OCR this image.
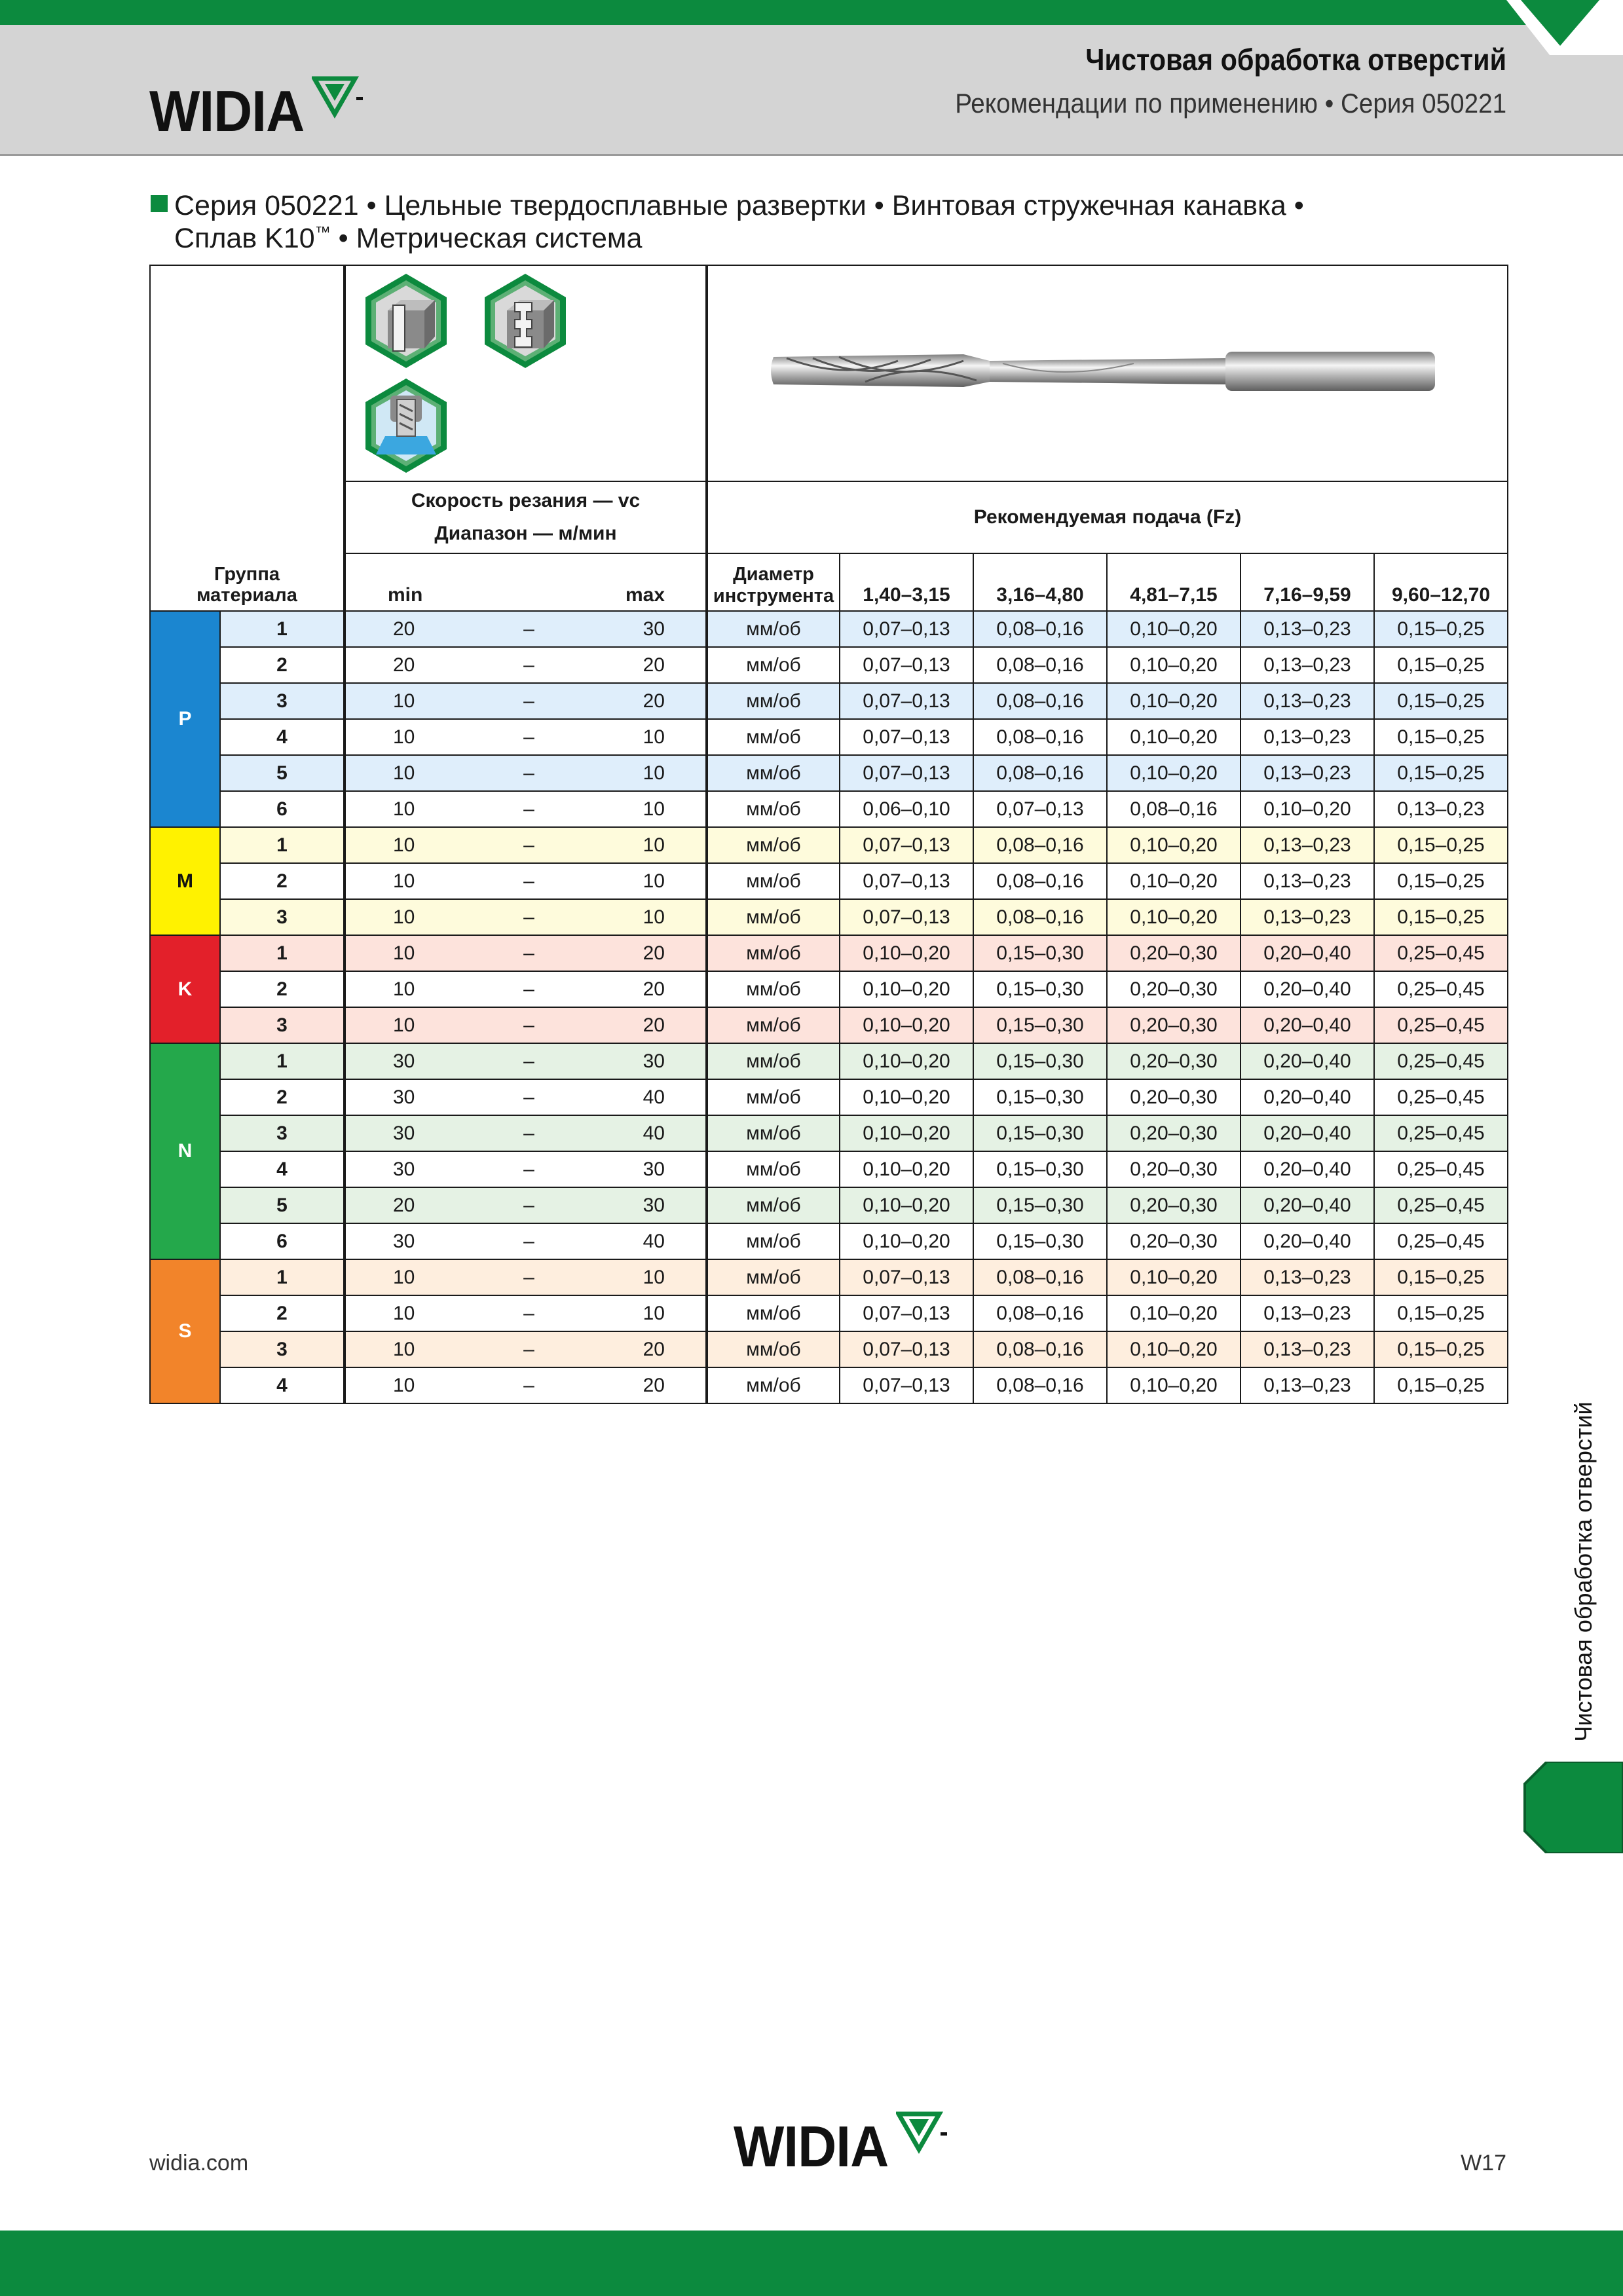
WIDIA
Чистовая обработка отверстий
Рекомендации по применению • Серия 050221
Серия 050221 • Цельные твердосплавные развертки • Винтовая стружечная канавка •
Сплав K10™ • Метрическая система

		Скорость резания — vc
Диапазон — м/мин	Рекомендуемая подача (Fz)					
Группа
материала		min max	Диаметр
инструмента	1,40–3,15	3,16–4,80	4,81–7,15	7,16–9,59	9,60–12,70
P	1	20 – 30	мм/об	0,07–0,13	0,08–0,16	0,10–0,20	0,13–0,23	0,15–0,25
	2	20 – 20	мм/об	0,07–0,13	0,08–0,16	0,10–0,20	0,13–0,23	0,15–0,25
	3	10 – 20	мм/об	0,07–0,13	0,08–0,16	0,10–0,20	0,13–0,23	0,15–0,25
	4	10 – 10	мм/об	0,07–0,13	0,08–0,16	0,10–0,20	0,13–0,23	0,15–0,25
	5	10 – 10	мм/об	0,07–0,13	0,08–0,16	0,10–0,20	0,13–0,23	0,15–0,25
	6	10 – 10	мм/об	0,06–0,10	0,07–0,13	0,08–0,16	0,10–0,20	0,13–0,23
M	1	10 – 10	мм/об	0,07–0,13	0,08–0,16	0,10–0,20	0,13–0,23	0,15–0,25
	2	10 – 10	мм/об	0,07–0,13	0,08–0,16	0,10–0,20	0,13–0,23	0,15–0,25
	3	10 – 10	мм/об	0,07–0,13	0,08–0,16	0,10–0,20	0,13–0,23	0,15–0,25
K	1	10 – 20	мм/об	0,10–0,20	0,15–0,30	0,20–0,30	0,20–0,40	0,25–0,45
	2	10 – 20	мм/об	0,10–0,20	0,15–0,30	0,20–0,30	0,20–0,40	0,25–0,45
	3	10 – 20	мм/об	0,10–0,20	0,15–0,30	0,20–0,30	0,20–0,40	0,25–0,45
N	1	30 – 30	мм/об	0,10–0,20	0,15–0,30	0,20–0,30	0,20–0,40	0,25–0,45
	2	30 – 40	мм/об	0,10–0,20	0,15–0,30	0,20–0,30	0,20–0,40	0,25–0,45
	3	30 – 40	мм/об	0,10–0,20	0,15–0,30	0,20–0,30	0,20–0,40	0,25–0,45
	4	30 – 30	мм/об	0,10–0,20	0,15–0,30	0,20–0,30	0,20–0,40	0,25–0,45
	5	20 – 30	мм/об	0,10–0,20	0,15–0,30	0,20–0,30	0,20–0,40	0,25–0,45
	6	30 – 40	мм/об	0,10–0,20	0,15–0,30	0,20–0,30	0,20–0,40	0,25–0,45
S	1	10 – 10	мм/об	0,07–0,13	0,08–0,16	0,10–0,20	0,13–0,23	0,15–0,25
	2	10 – 10	мм/об	0,07–0,13	0,08–0,16	0,10–0,20	0,13–0,23	0,15–0,25
	3	10 – 20	мм/об	0,07–0,13	0,08–0,16	0,10–0,20	0,13–0,23	0,15–0,25
	4	10 – 20	мм/об	0,07–0,13	0,08–0,16	0,10–0,20	0,13–0,23	0,15–0,25
Чистовая обработка отверстий
widia.com	WIDIA	W17
